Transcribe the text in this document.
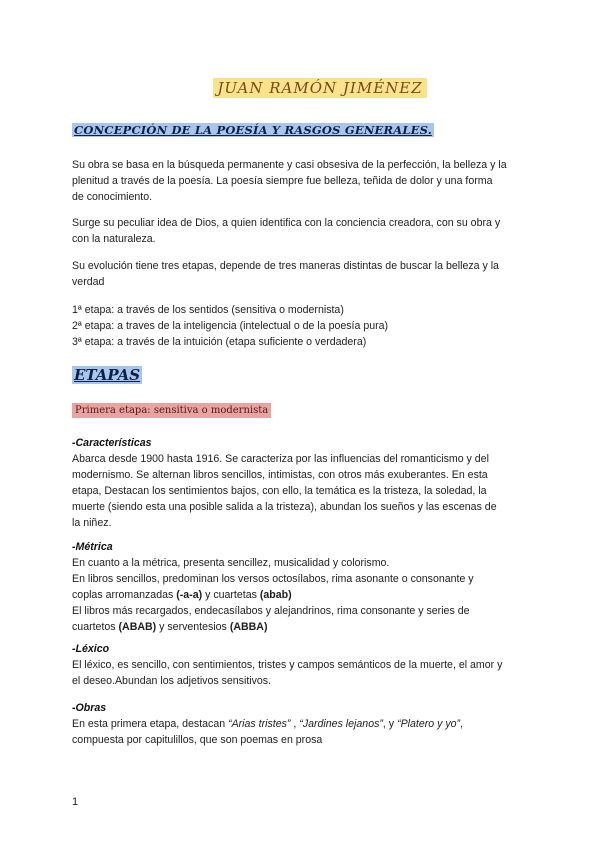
JUAN RAMÓN JIMÉNEZ
CONCEPCIÓN DE LA POESÍA Y RASGOS GENERALES.
Su obra se basa en la búsqueda permanente y casi obsesiva de la perfección, la belleza y la
plenitud a través de la poesía. La poesía siempre fue belleza, teñida de dolor y una forma
de conocimiento.
Surge su peculiar idea de Dios, a quien identifica con la conciencia creadora, con su obra y
con la naturaleza.
Su evolución tiene tres etapas, depende de tres maneras distintas de buscar la belleza y la
verdad
1ª etapa: a través de los sentidos (sensitiva o modernista)
2ª etapa: a traves de la inteligencia (intelectual o de la poesía pura)
3ª etapa: a través de la intuición (etapa suficiente o verdadera)
ETAPAS
Primera etapa: sensitiva o modernista
-Características
Abarca desde 1900 hasta 1916. Se caracteriza por las influencias del romanticismo y del
modernismo. Se alternan libros sencillos, intimistas, con otros más exuberantes. En esta
etapa, Destacan los sentimientos bajos, con ello, la temática es la tristeza, la soledad, la
muerte (siendo esta una posible salida a la tristeza), abundan los sueños y las escenas de
la niñez.
-Métrica
En cuanto a la métrica, presenta sencillez, musicalidad y colorismo.
En libros sencillos, predominan los versos octosílabos, rima asonante o consonante y
coplas arromanzadas (-a-a) y cuartetas (abab)
El libros más recargados, endecasílabos y alejandrinos, rima consonante y series de
cuartetos (ABAB) y serventesios (ABBA)
-Léxico
El léxico, es sencillo, con sentimientos, tristes y campos semánticos de la muerte, el amor y
el deseo.Abundan los adjetivos sensitivos.
-Obras
En esta primera etapa, destacan “Arias tristes” , “Jardines lejanos”, y “Platero y yo”,
compuesta por capitulillos, que son poemas en prosa
1
